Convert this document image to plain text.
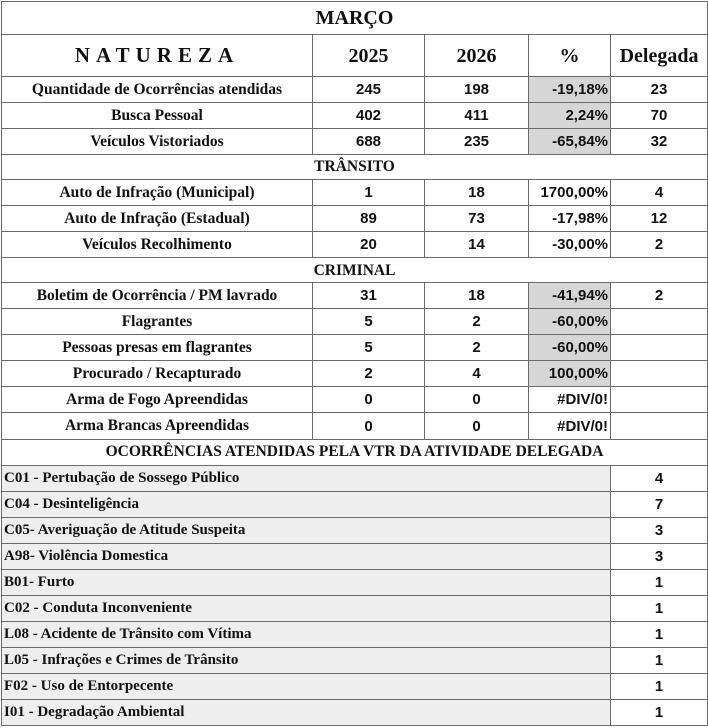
MARÇO				
NATUREZA	2025	2026	%	Delegada
Quantidade de Ocorrências atendidas	245	198	-19,18%	23
Busca Pessoal	402	411	2,24%	70
Veículos Vistoriados	688	235	-65,84%	32
TRÂNSITO				
Auto de Infração (Municipal)	1	18	1700,00%	4
Auto de Infração (Estadual)	89	73	-17,98%	12
Veículos Recolhimento	20	14	-30,00%	2
CRIMINAL				
Boletim de Ocorrência / PM lavrado	31	18	-41,94%	2
Flagrantes	5	2	-60,00%	
Pessoas presas em flagrantes	5	2	-60,00%	
Procurado / Recapturado	2	4	100,00%	
Arma de Fogo Apreendidas	0	0	#DIV/0!	
Arma Brancas Apreendidas	0	0	#DIV/0!	
OCORRÊNCIAS ATENDIDAS PELA VTR DA ATIVIDADE DELEGADA				
C01 - Pertubação de Sossego Público				4
C04 - Desinteligência				7
C05- Averiguação de Atitude Suspeita				3
A98- Violência Domestica				3
B01- Furto				1
C02 - Conduta Inconveniente				1
L08 - Acidente de Trânsito com Vítima				1
L05 - Infrações e Crimes de Trânsito				1
F02 - Uso de Entorpecente				1
I01 - Degradação Ambiental				1
